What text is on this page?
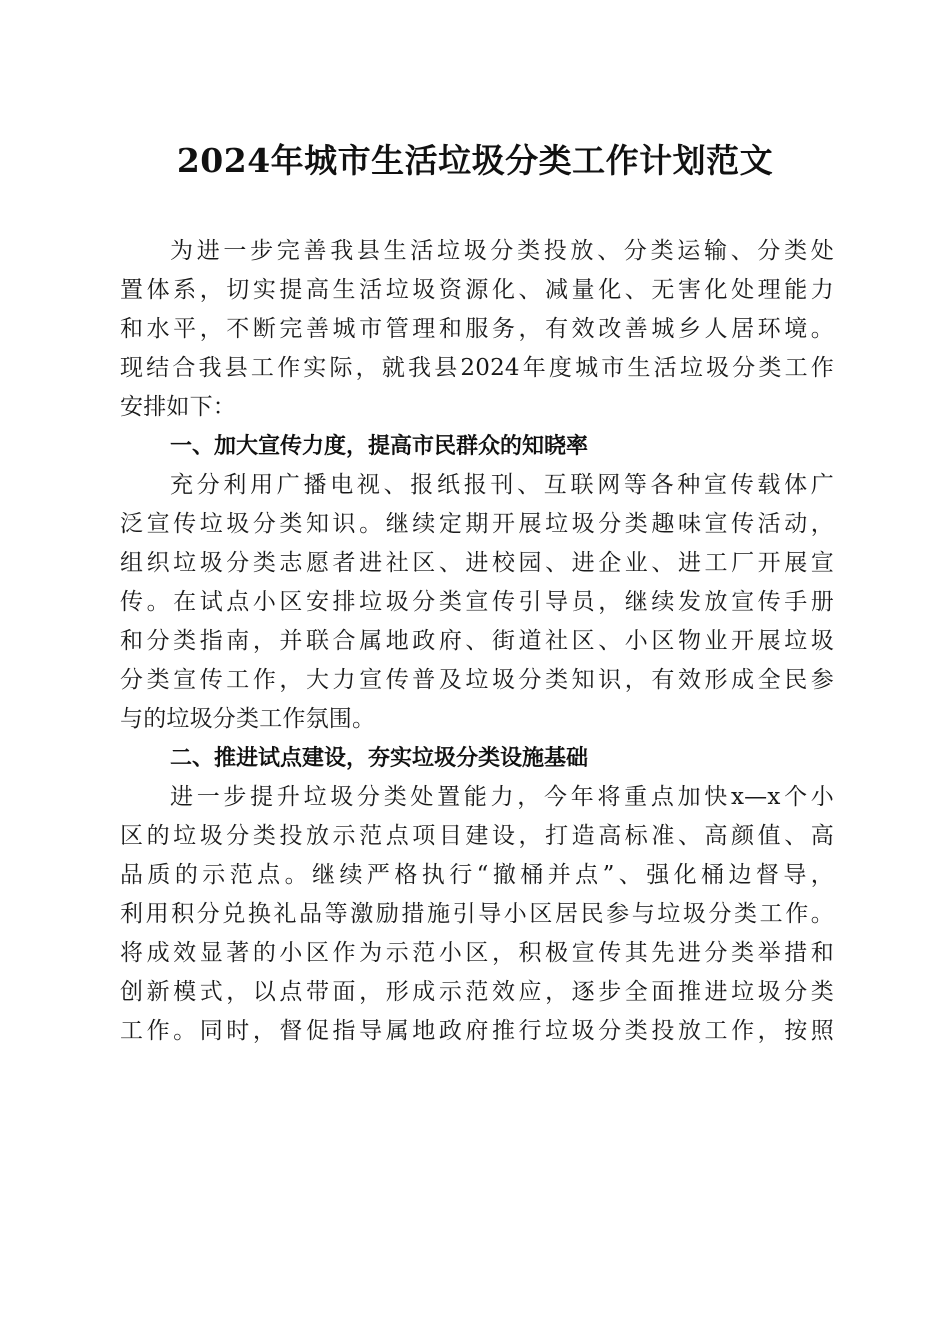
2024年城市生活垃圾分类工作计划范文
为进一步完善我县生活垃圾分类投放、分类运输、分类处
置体系，切实提高生活垃圾资源化、减量化、无害化处理能力
和水平，不断完善城市管理和服务，有效改善城乡人居环境。
现结合我县工作实际，就我县2024年度城市生活垃圾分类工作
安排如下：
一、加大宣传力度，提高市民群众的知晓率
充分利用广播电视、报纸报刊、互联网等各种宣传载体广
泛宣传垃圾分类知识。继续定期开展垃圾分类趣味宣传活动，
组织垃圾分类志愿者进社区、进校园、进企业、进工厂开展宣
传。在试点小区安排垃圾分类宣传引导员，继续发放宣传手册
和分类指南，并联合属地政府、街道社区、小区物业开展垃圾
分类宣传工作，大力宣传普及垃圾分类知识，有效形成全民参
与的垃圾分类工作氛围。
二、推进试点建设，夯实垃圾分类设施基础
进一步提升垃圾分类处置能力，今年将重点加快x—x个小
区的垃圾分类投放示范点项目建设，打造高标准、高颜值、高
品质的示范点。继续严格执行“撤桶并点”、强化桶边督导，
利用积分兑换礼品等激励措施引导小区居民参与垃圾分类工作。
将成效显著的小区作为示范小区，积极宣传其先进分类举措和
创新模式，以点带面，形成示范效应，逐步全面推进垃圾分类
工作。同时，督促指导属地政府推行垃圾分类投放工作，按照
